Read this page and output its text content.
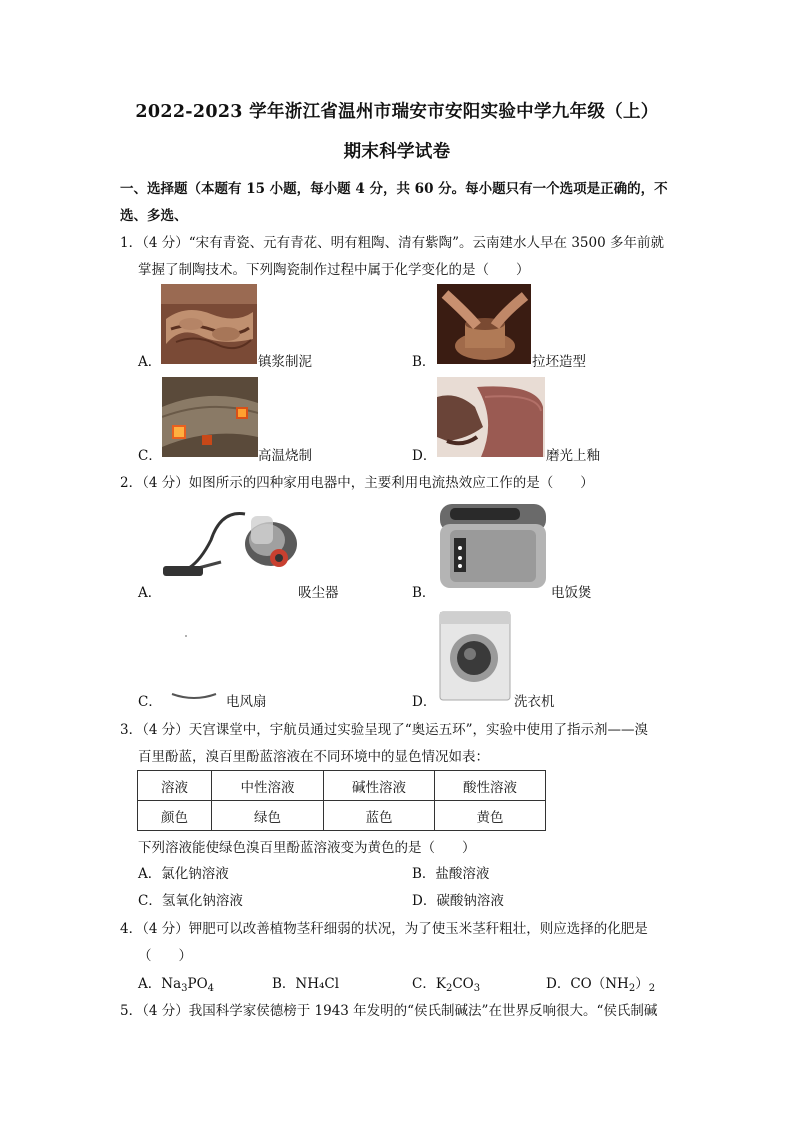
2022-2023 学年浙江省温州市瑞安市安阳实验中学九年级（上）
期末科学试卷
一、选择题（本题有 15 小题，每小题 4 分，共 60 分。每小题只有一个选项是正确的，不
选、多选、
1．（4 分）“宋有青瓷、元有青花、明有粗陶、清有紫陶”。云南建水人早在 3500 多年前就
掌握了制陶技术。下列陶瓷制作过程中属于化学变化的是（　　）
A．	镇浆制泥	B．	拉坯造型
C．	高温烧制	D．	磨光上釉
2．（4 分）如图所示的四种家用电器中，主要利用电流热效应工作的是（　　）
A．	吸尘器	B．	电饭煲
C．	电风扇	D．	洗衣机
3．（4 分）天宫课堂中，宇航员通过实验呈现了“奥运五环”，实验中使用了指示剂——溴
百里酚蓝，溴百里酚蓝溶液在不同环境中的显色情况如表：
溶液	中性溶液	碱性溶液	酸性溶液
颜色	绿色	蓝色	黄色
下列溶液能使绿色溴百里酚蓝溶液变为黄色的是（　　）
A．氯化钠溶液	B．盐酸溶液
C．氢氧化钠溶液	D．碳酸钠溶液
4．（4 分）钾肥可以改善植物茎秆细弱的状况，为了使玉米茎秆粗壮，则应选择的化肥是
（　　）
A．$Na_3PO_4$	B．NH₄Cl	C．$K_2CO_3$	D．$CO(NH_2)_2$
5．（4 分）我国科学家侯德榜于 1943 年发明的“侯氏制碱法”在世界反响很大。“侯氏制碱
